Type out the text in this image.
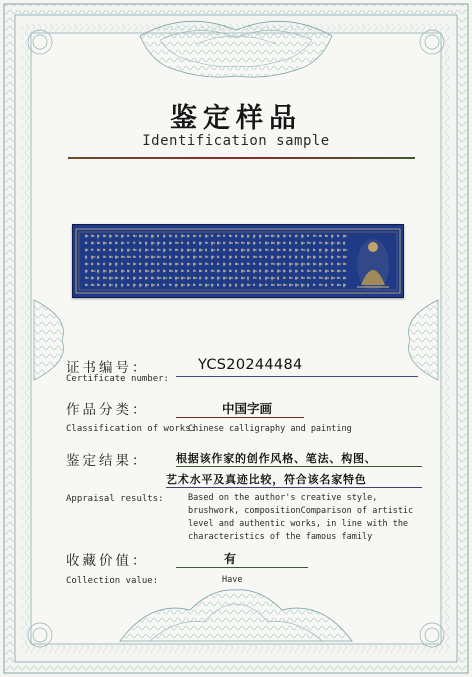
鉴定样品
Identification sample
证书编号：
Certificate number:
YCS20244484
作品分类：	中国字画
Classification of works:
Chinese calligraphy and painting
鉴定结果：	根据该作家的创作风格、笔法、构图、
艺术水平及真迹比较，符合该名家特色
Appraisal results:	Based on the author's creative style,
brushwork, compositionComparison of artistic
level and authentic works, in line with the
characteristics of the famous family
收藏价值：	有
Collection value:	Have
